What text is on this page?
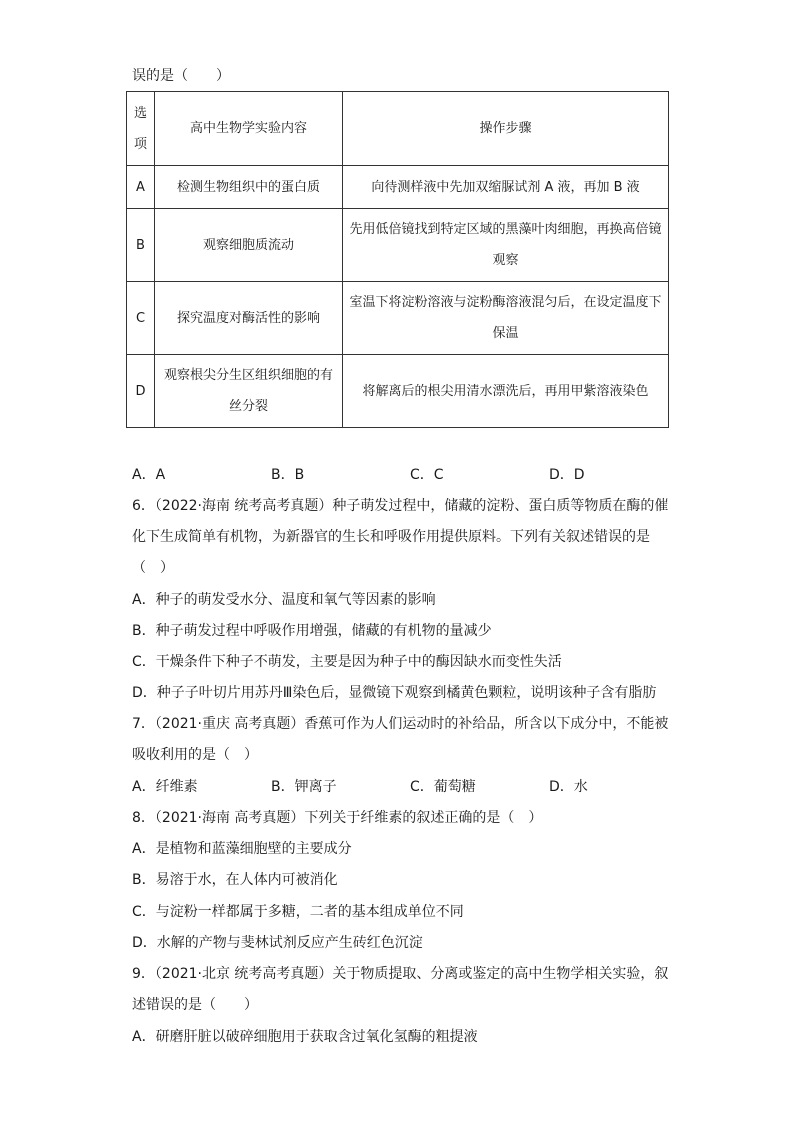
误的是（　　）
选项	高中生物学实验内容	操作步骤
A	检测生物组织中的蛋白质	向待测样液中先加双缩脲试剂 A 液，再加 B 液
B	观察细胞质流动	先用低倍镜找到特定区域的黑藻叶肉细胞，再换高倍镜观察
C	探究温度对酶活性的影响	室温下将淀粉溶液与淀粉酶溶液混匀后，在设定温度下保温
D	观察根尖分生区组织细胞的有丝分裂	将解离后的根尖用清水漂洗后，再用甲紫溶液染色
A．A	B．B	C．C	D．D
6．（2022·海南 统考高考真题）种子萌发过程中，储藏的淀粉、蛋白质等物质在酶的催
化下生成简单有机物，为新器官的生长和呼吸作用提供原料。下列有关叙述错误的是
（　）
A．种子的萌发受水分、温度和氧气等因素的影响
B．种子萌发过程中呼吸作用增强，储藏的有机物的量减少
C．干燥条件下种子不萌发，主要是因为种子中的酶因缺水而变性失活
D．种子子叶切片用苏丹Ⅲ染色后，显微镜下观察到橘黄色颗粒，说明该种子含有脂肪
7．（2021·重庆 高考真题）香蕉可作为人们运动时的补给品，所含以下成分中，不能被
吸收利用的是（　）
A．纤维素	B．钾离子	C．葡萄糖	D．水
8．（2021·海南 高考真题）下列关于纤维素的叙述正确的是（　）
A．是植物和蓝藻细胞壁的主要成分
B．易溶于水，在人体内可被消化
C．与淀粉一样都属于多糖，二者的基本组成单位不同
D．水解的产物与斐林试剂反应产生砖红色沉淀
9．（2021·北京 统考高考真题）关于物质提取、分离或鉴定的高中生物学相关实验，叙
述错误的是（　　）
A．研磨肝脏以破碎细胞用于获取含过氧化氢酶的粗提液
